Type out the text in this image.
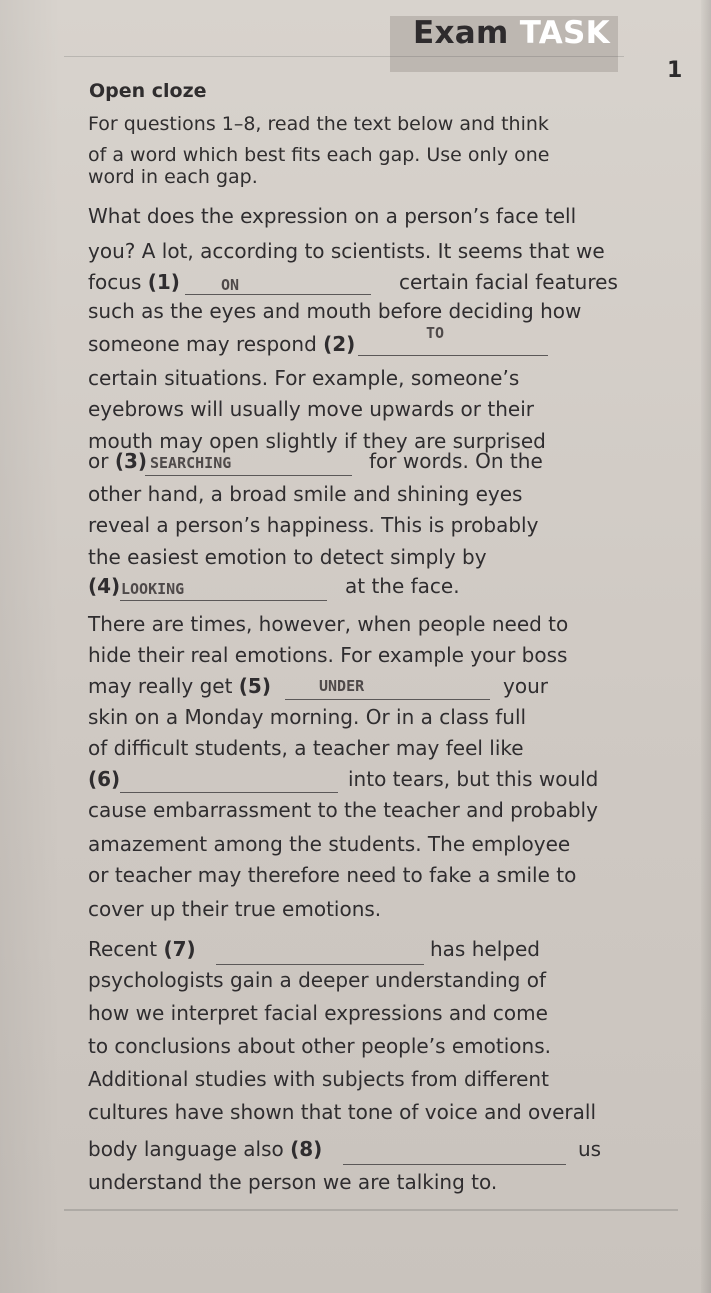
Exam TASK
1
Open cloze
For questions 1–8, read the text below and think
of a word which best fits each gap. Use only one
word in each gap.
What does the expression on a person’s face tell
you? A lot, according to scientists. It seems that we
focus (1)	ON	certain facial features
such as the eyes and mouth before deciding how
someone may respond (2)	TO
certain situations. For example, someone’s
eyebrows will usually move upwards or their
mouth may open slightly if they are surprised
or (3) SEARCHING	for words. On the
other hand, a broad smile and shining eyes
reveal a person’s happiness. This is probably
the easiest emotion to detect simply by
(4) LOOKING	at the face.
There are times, however, when people need to
hide their real emotions. For example your boss
may really get (5)	UNDER	your
skin on a Monday morning. Or in a class full
of difficult students, a teacher may feel like
(6)	into tears, but this would
cause embarrassment to the teacher and probably
amazement among the students. The employee
or teacher may therefore need to fake a smile to
cover up their true emotions.
Recent (7)	has helped
psychologists gain a deeper understanding of
how we interpret facial expressions and come
to conclusions about other people’s emotions.
Additional studies with subjects from different
cultures have shown that tone of voice and overall
body language also (8)	us
understand the person we are talking to.
